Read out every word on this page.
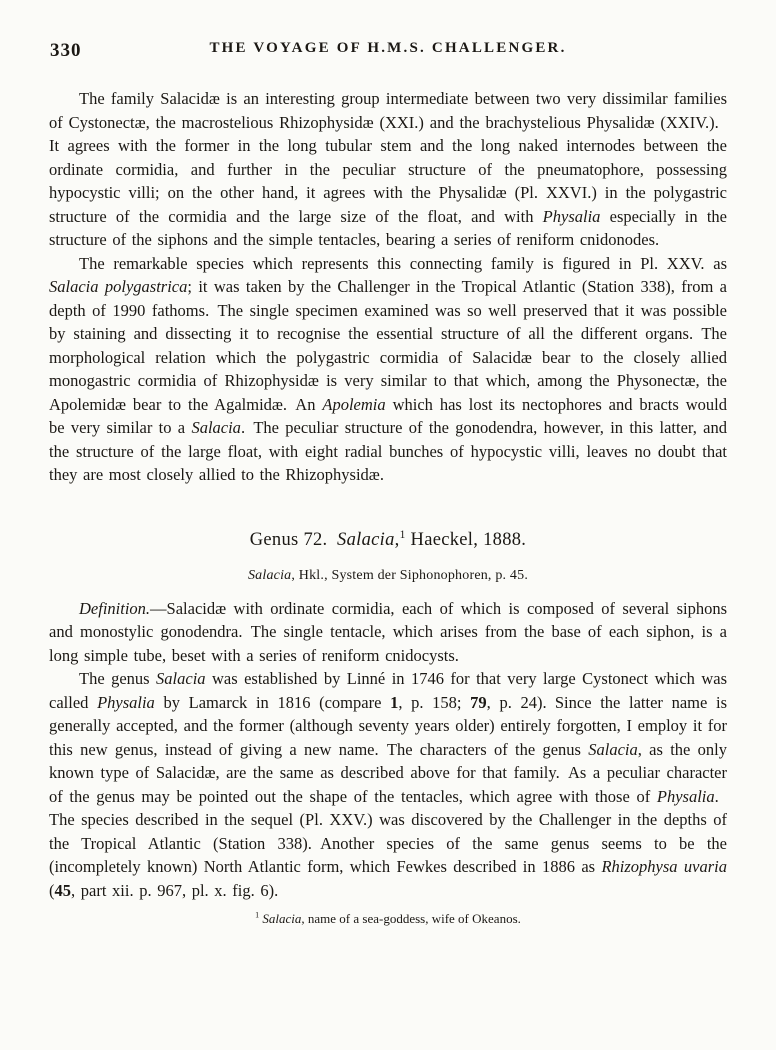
330	THE VOYAGE OF H.M.S. CHALLENGER.

The family Salacidæ is an interesting group intermediate between two very dissimilar families of Cystonectæ, the macrostelious Rhizophysidæ (XXI.) and the brachystelious Physalidæ (XXIV.). It agrees with the former in the long tubular stem and the long naked internodes between the ordinate cormidia, and further in the peculiar structure of the pneumatophore, possessing hypocystic villi; on the other hand, it agrees with the Physalidæ (Pl. XXVI.) in the polygastric structure of the cormidia and the large size of the float, and with Physalia especially in the structure of the siphons and the simple tentacles, bearing a series of reniform cnidonodes.

The remarkable species which represents this connecting family is figured in Pl. XXV. as Salacia polygastrica; it was taken by the Challenger in the Tropical Atlantic (Station 338), from a depth of 1990 fathoms. The single specimen examined was so well preserved that it was possible by staining and dissecting it to recognise the essential structure of all the different organs. The morphological relation which the polygastric cormidia of Salacidæ bear to the closely allied monogastric cormidia of Rhizophysidæ is very similar to that which, among the Physonectæ, the Apolemidæ bear to the Agalmidæ. An Apolemia which has lost its nectophores and bracts would be very similar to a Salacia. The peculiar structure of the gonodendra, however, in this latter, and the structure of the large float, with eight radial bunches of hypocystic villi, leaves no doubt that they are most closely allied to the Rhizophysidæ.

Genus 72. Salacia,$^1$ Haeckel, 1888.

Salacia, Hkl., System der Siphonophoren, p. 45.

Definition.—Salacidæ with ordinate cormidia, each of which is composed of several siphons and monostylic gonodendra. The single tentacle, which arises from the base of each siphon, is a long simple tube, beset with a series of reniform cnidocysts.

The genus Salacia was established by Linné in 1746 for that very large Cystonect which was called Physalia by Lamarck in 1816 (compare 1, p. 158; 79, p. 24). Since the latter name is generally accepted, and the former (although seventy years older) entirely forgotten, I employ it for this new genus, instead of giving a new name. The characters of the genus Salacia, as the only known type of Salacidæ, are the same as described above for that family. As a peculiar character of the genus may be pointed out the shape of the tentacles, which agree with those of Physalia. The species described in the sequel (Pl. XXV.) was discovered by the Challenger in the depths of the Tropical Atlantic (Station 338). Another species of the same genus seems to be the (incompletely known) North Atlantic form, which Fewkes described in 1886 as Rhizophysa uvaria (45, part xii. p. 967, pl. x. fig. 6).

$^1$ Salacia, name of a sea-goddess, wife of Okeanos.
